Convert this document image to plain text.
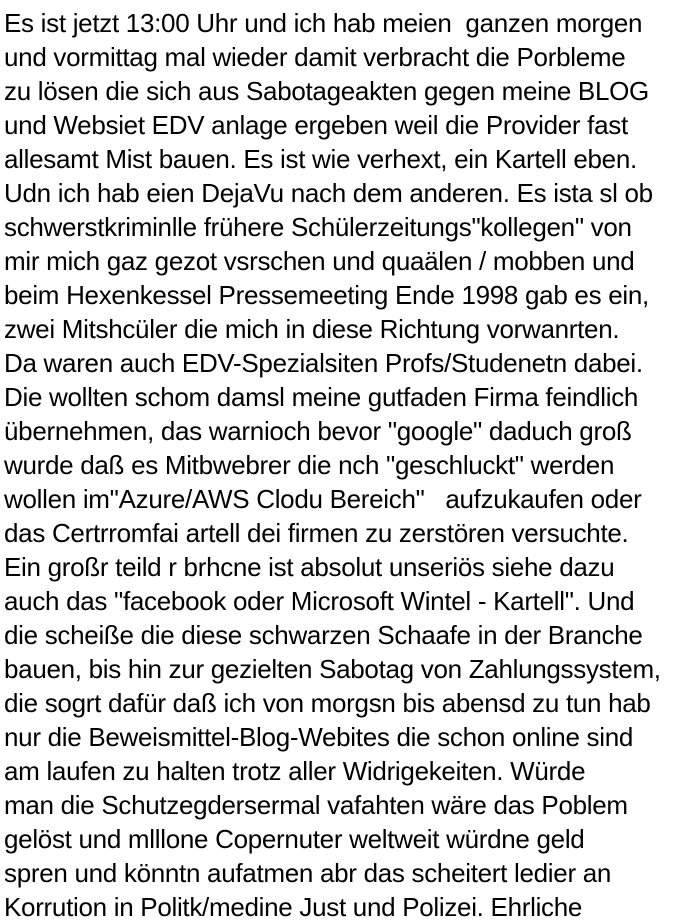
Es ist jetzt 13:00 Uhr und ich hab meien  ganzen morgen
und vormittag mal wieder damit verbracht die Porbleme
zu lösen die sich aus Sabotageakten gegen meine BLOG
und Websiet EDV anlage ergeben weil die Provider fast
allesamt Mist bauen. Es ist wie verhext, ein Kartell eben.
Udn ich hab eien DejaVu nach dem anderen. Es ista sl ob
schwerstkriminlle frühere Schülerzeitungs"kollegen" von
mir mich gaz gezot vsrschen und quaälen / mobben und
beim Hexenkessel Pressemeeting Ende 1998 gab es ein,
zwei Mitshcüler die mich in diese Richtung vorwanrten.
Da waren auch EDV-Spezialsiten Profs/Studenetn dabei.
Die wollten schom damsl meine gutfaden Firma feindlich
übernehmen, das warnioch bevor "google" daduch groß
wurde daß es Mitbwebrer die nch "geschluckt" werden
wollen im"Azure/AWS Clodu Bereich"   aufzukaufen oder
das Certrromfai artell dei firmen zu zerstören versuchte.
Ein großr teild r brhcne ist absolut unseriös siehe dazu
auch das "facebook oder Microsoft Wintel - Kartell". Und
die scheiße die diese schwarzen Schaafe in der Branche
bauen, bis hin zur gezielten Sabotag von Zahlungssystem,
die sogrt dafür daß ich von morgsn bis abensd zu tun hab
nur die Beweismittel-Blog-Webites die schon online sind
am laufen zu halten trotz aller Widrigekeiten. Würde
man die Schutzegdersermal vafahten wäre das Poblem
gelöst und mlllone Copernuter weltweit würdne geld
spren und könntn aufatmen abr das scheitert ledier an
Korrution in Politk/medine Just und Polizei. Ehrliche
